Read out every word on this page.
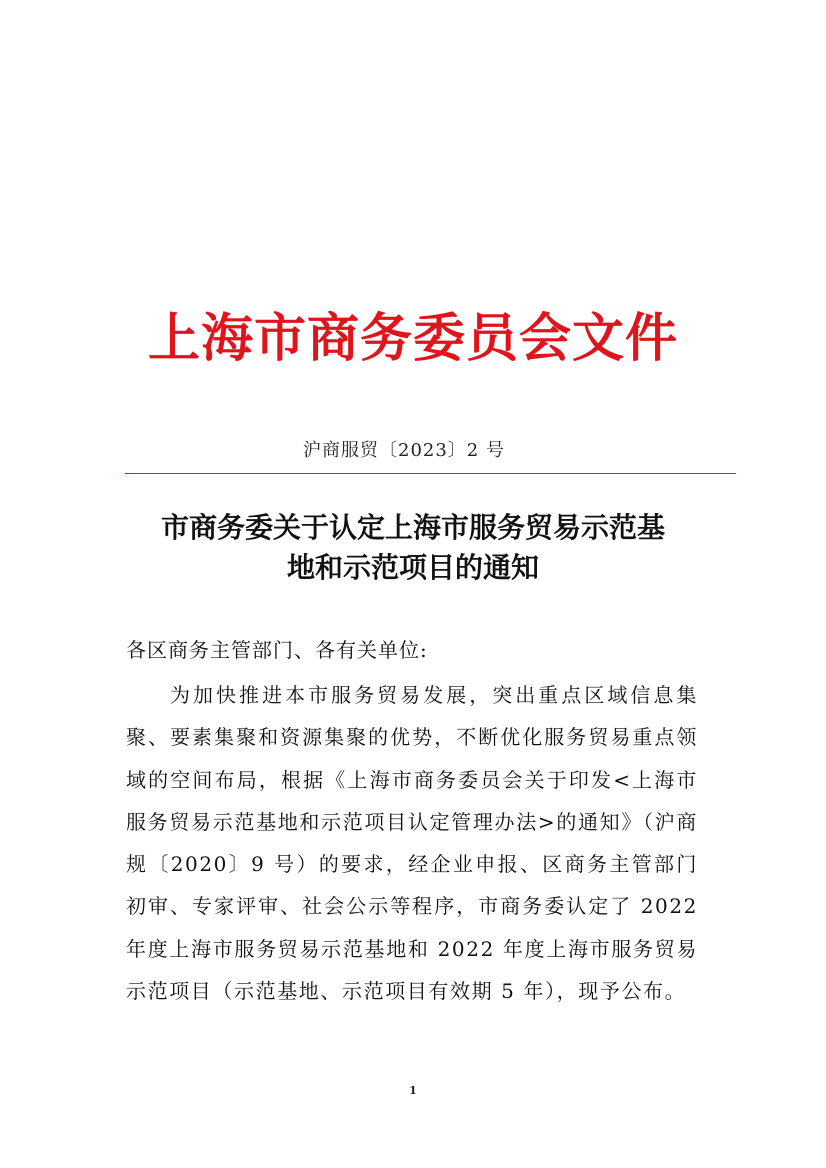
上海市商务委员会文件
沪商服贸〔2023〕2 号
市商务委关于认定上海市服务贸易示范基
地和示范项目的通知
各区商务主管部门、各有关单位:
为加快推进本市服务贸易发展，突出重点区域信息集聚、要素集聚和资源集聚的优势，不断优化服务贸易重点领域的空间布局，根据《上海市商务委员会关于印发<上海市服务贸易示范基地和示范项目认定管理办法>的通知》（沪商规〔2020〕9 号）的要求，经企业申报、区商务主管部门初审、专家评审、社会公示等程序，市商务委认定了 2022 年度上海市服务贸易示范基地和 2022 年度上海市服务贸易示范项目（示范基地、示范项目有效期 5 年），现予公布。
1
